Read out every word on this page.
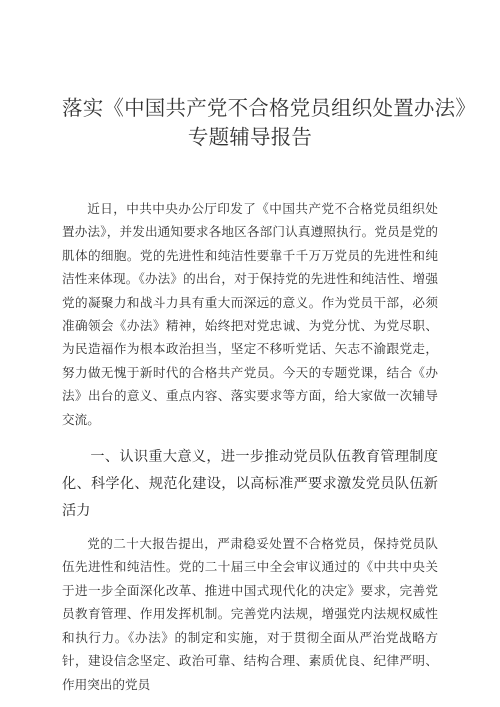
落实《中国共产党不合格党员组织处置办法》
专题辅导报告

近日，中共中央办公厅印发了《中国共产党不合格党员组织处置办法》，并发出通知要求各地区各部门认真遵照执行。党员是党的肌体的细胞。党的先进性和纯洁性要靠千千万万党员的先进性和纯洁性来体现。《办法》的出台，对于保持党的先进性和纯洁性、增强党的凝聚力和战斗力具有重大而深远的意义。作为党员干部，必须准确领会《办法》精神，始终把对党忠诚、为党分忧、为党尽职、为民造福作为根本政治担当，坚定不移听党话、矢志不渝跟党走，努力做无愧于新时代的合格共产党员。今天的专题党课，结合《办法》出台的意义、重点内容、落实要求等方面，给大家做一次辅导交流。

一、认识重大意义，进一步推动党员队伍教育管理制度化、科学化、规范化建设，以高标准严要求激发党员队伍新活力

党的二十大报告提出，严肃稳妥处置不合格党员，保持党员队伍先进性和纯洁性。党的二十届三中全会审议通过的《中共中央关于进一步全面深化改革、推进中国式现代化的决定》要求，完善党员教育管理、作用发挥机制。完善党内法规，增强党内法规权威性和执行力。《办法》的制定和实施，对于贯彻全面从严治党战略方针，建设信念坚定、政治可靠、结构合理、素质优良、纪律严明、作用突出的党员
